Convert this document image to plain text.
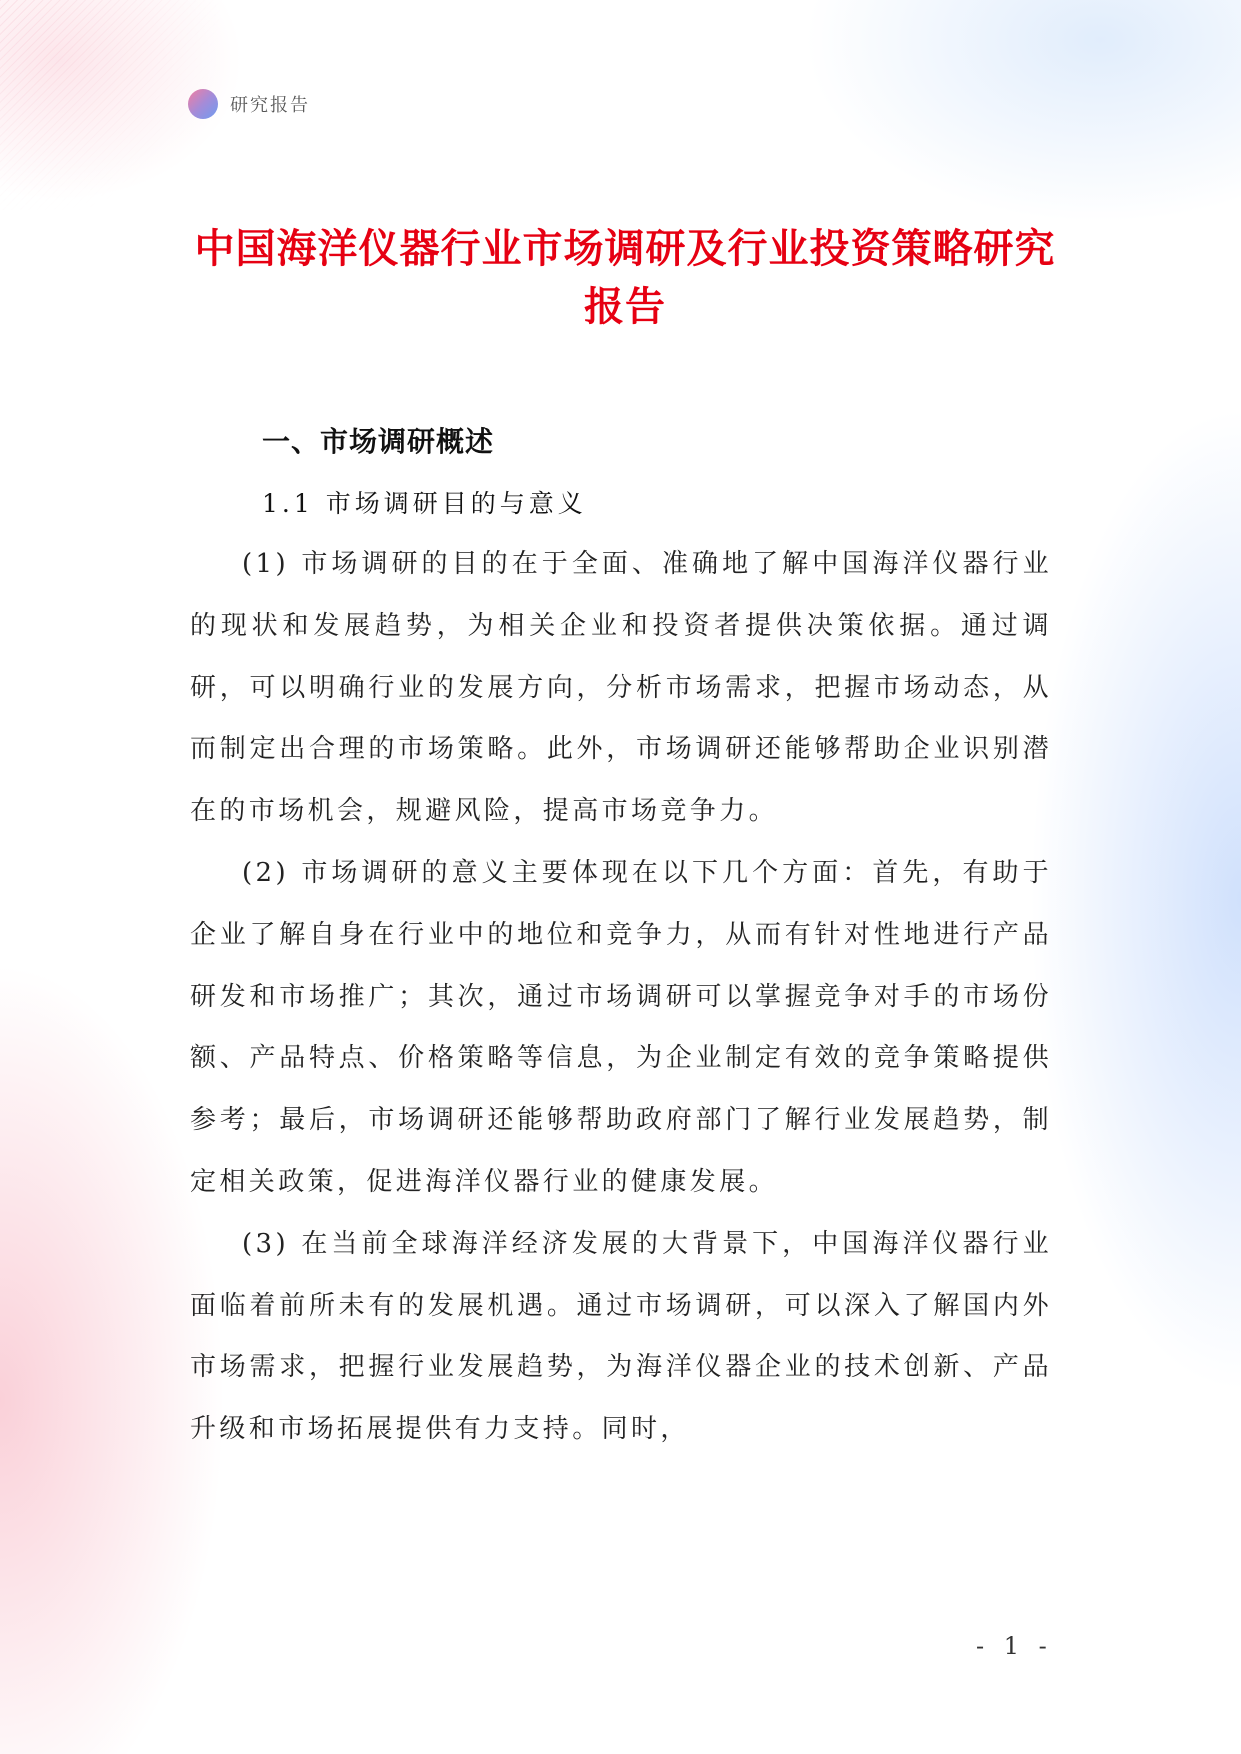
研究报告
中国海洋仪器行业市场调研及行业投资策略研究报告
一、市场调研概述
1.1 市场调研目的与意义

(1) 市场调研的目的在于全面、准确地了解中国海洋仪器行业的现状和发展趋势，为相关企业和投资者提供决策依据。通过调研，可以明确行业的发展方向，分析市场需求，把握市场动态，从而制定出合理的市场策略。此外，市场调研还能够帮助企业识别潜在的市场机会，规避风险，提高市场竞争力。

(2) 市场调研的意义主要体现在以下几个方面：首先，有助于企业了解自身在行业中的地位和竞争力，从而有针对性地进行产品研发和市场推广；其次，通过市场调研可以掌握竞争对手的市场份额、产品特点、价格策略等信息，为企业制定有效的竞争策略提供参考；最后，市场调研还能够帮助政府部门了解行业发展趋势，制定相关政策，促进海洋仪器行业的健康发展。

(3) 在当前全球海洋经济发展的大背景下，中国海洋仪器行业面临着前所未有的发展机遇。通过市场调研，可以深入了解国内外市场需求，把握行业发展趋势，为海洋仪器企业的技术创新、产品升级和市场拓展提供有力支持。同时，

- 1 -
